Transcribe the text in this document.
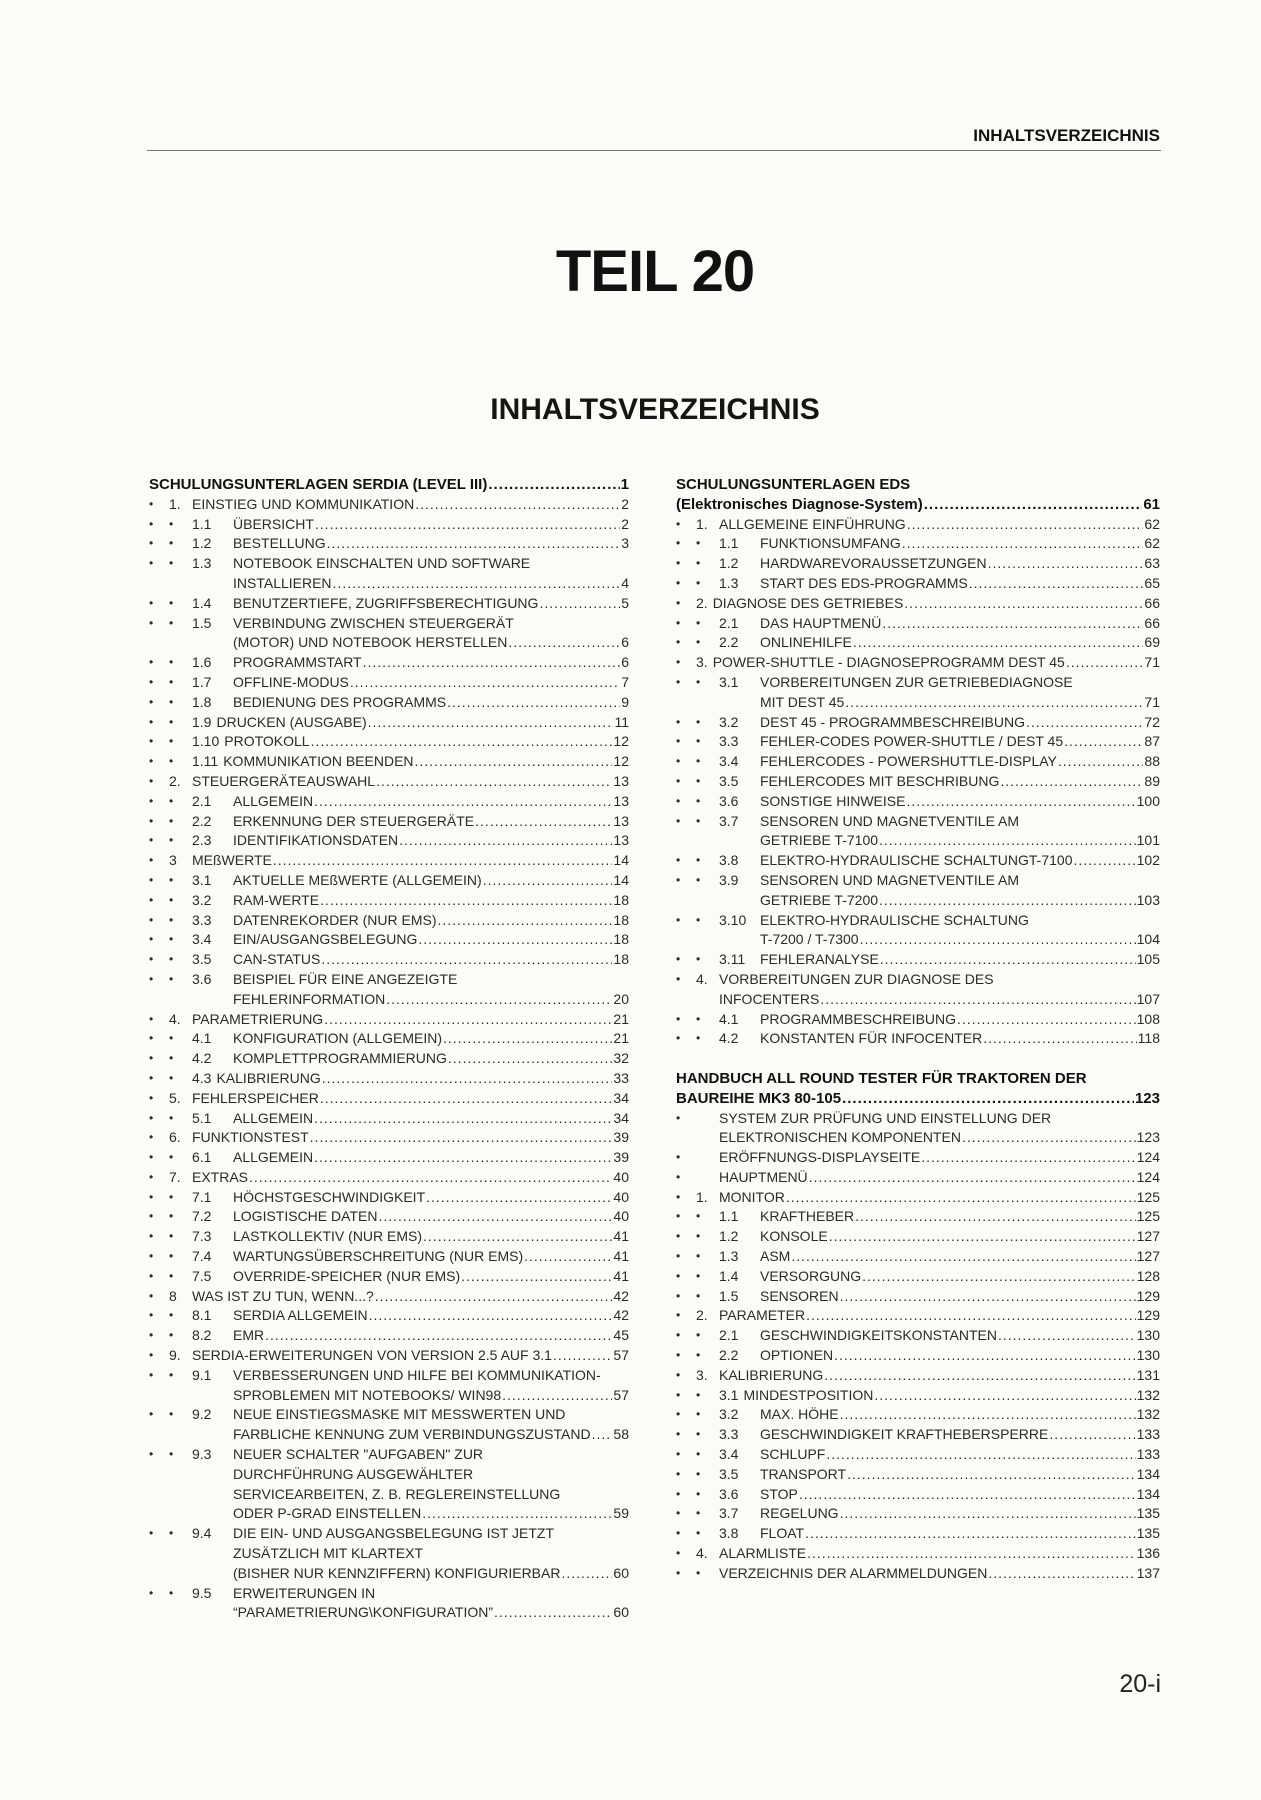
INHALTSVERZEICHNIS
TEIL 20
INHALTSVERZEICHNIS
SCHULUNGSUNTERLAGEN SERDIA (LEVEL III) .....	1
• 1. EINSTIEG UND KOMMUNIKATION .....	2
• • 1.1 ÜBERSICHT .....	2
• • 1.2 BESTELLUNG .....	3
• • 1.3 NOTEBOOK EINSCHALTEN UND SOFTWARE
INSTALLIEREN .....	4
• • 1.4 BENUTZERTIEFE, ZUGRIFFSBERECHTIGUNG .....	5
• • 1.5 VERBINDUNG ZWISCHEN STEUERGERÄT
(MOTOR) UND NOTEBOOK HERSTELLEN .....	6
• • 1.6 PROGRAMMSTART .....	6
• • 1.7 OFFLINE-MODUS .....	7
• • 1.8 BEDIENUNG DES PROGRAMMS .....	9
• • 1.9 DRUCKEN (AUSGABE) .....	11
• • 1.10 PROTOKOLL .....	12
• • 1.11 KOMMUNIKATION BEENDEN .....	12
• 2. STEUERGERÄTEAUSWAHL .....	13
• • 2.1 ALLGEMEIN .....	13
• • 2.2 ERKENNUNG DER STEUERGERÄTE .....	13
• • 2.3 IDENTIFIKATIONSDATEN .....	13
• 3 MEßWERTE .....	14
• • 3.1 AKTUELLE MEßWERTE (ALLGEMEIN) .....	14
• • 3.2 RAM-WERTE .....	18
• • 3.3 DATENREKORDER (NUR EMS) .....	18
• • 3.4 EIN/AUSGANGSBELEGUNG .....	18
• • 3.5 CAN-STATUS .....	18
• • 3.6 BEISPIEL FÜR EINE ANGEZEIGTE
FEHLERINFORMATION .....	20
• 4. PARAMETRIERUNG .....	21
• • 4.1 KONFIGURATION (ALLGEMEIN) .....	21
• • 4.2 KOMPLETTPROGRAMMIERUNG .....	32
• • 4.3 KALIBRIERUNG .....	33
• 5. FEHLERSPEICHER .....	34
• • 5.1 ALLGEMEIN .....	34
• 6. FUNKTIONSTEST .....	39
• • 6.1 ALLGEMEIN .....	39
• 7. EXTRAS .....	40
• • 7.1 HÖCHSTGESCHWINDIGKEIT .....	40
• • 7.2 LOGISTISCHE DATEN .....	40
• • 7.3 LASTKOLLEKTIV (NUR EMS) .....	41
• • 7.4 WARTUNGSÜBERSCHREITUNG (NUR EMS) .....	41
• • 7.5 OVERRIDE-SPEICHER (NUR EMS) .....	41
• 8 WAS IST ZU TUN, WENN...? .....	42
• • 8.1 SERDIA ALLGEMEIN .....	42
• • 8.2 EMR .....	45
• 9. SERDIA-ERWEITERUNGEN VON VERSION 2.5 AUF 3.1 .....	57
• • 9.1 VERBESSERUNGEN UND HILFE BEI KOMMUNIKATION-
SPROBLEMEN MIT NOTEBOOKS/ WIN98 .....	57
• • 9.2 NEUE EINSTIEGSMASKE MIT MESSWERTEN UND
FARBLICHE KENNUNG ZUM VERBINDUNGSZUSTAND ..... 58
• • 9.3 NEUER SCHALTER "AUFGABEN" ZUR
DURCHFÜHRUNG AUSGEWÄHLTER
SERVICEARBEITEN, Z. B. REGLEREINSTELLUNG
ODER P-GRAD EINSTELLEN .....	59
• • 9.4 DIE EIN- UND AUSGANGSBELEGUNG IST JETZT
ZUSÄTZLICH MIT KLARTEXT
(BISHER NUR KENNZIFFERN) KONFIGURIERBAR .....	60
• • 9.5 ERWEITERUNGEN IN
“PARAMETRIERUNG\KONFIGURATION” .....	60
SCHULUNGSUNTERLAGEN EDS
(Elektronisches Diagnose-System) .....	61
• 1. ALLGEMEINE EINFÜHRUNG .....	62
• • 1.1 FUNKTIONSUMFANG .....	62
• • 1.2 HARDWAREVORAUSSETZUNGEN .....	63
• • 1.3 START DES EDS-PROGRAMMS .....	65
• 2. DIAGNOSE DES GETRIEBES .....	66
• • 2.1 DAS HAUPTMENÜ .....	66
• • 2.2 ONLINEHILFE .....	69
• 3. POWER-SHUTTLE - DIAGNOSEPROGRAMM DEST 45 .....	71
• • 3.1 VORBEREITUNGEN ZUR GETRIEBEDIAGNOSE
MIT DEST 45 .....	71
• • 3.2 DEST 45 - PROGRAMMBESCHREIBUNG .....	72
• • 3.3 FEHLER-CODES POWER-SHUTTLE / DEST 45 .....	87
• • 3.4 FEHLERCODES - POWERSHUTTLE-DISPLAY .....	88
• • 3.5 FEHLERCODES MIT BESCHRIBUNG .....	89
• • 3.6 SONSTIGE HINWEISE .....	100
• • 3.7 SENSOREN UND MAGNETVENTILE AM
GETRIEBE T-7100 .....	101
• • 3.8 ELEKTRO-HYDRAULISCHE SCHALTUNGT-7100 .....	102
• • 3.9 SENSOREN UND MAGNETVENTILE AM
GETRIEBE T-7200 .....	103
• • 3.10 ELEKTRO-HYDRAULISCHE SCHALTUNG
T-7200 / T-7300 .....	104
• • 3.11 FEHLERANALYSE .....	105
• 4. VORBEREITUNGEN ZUR DIAGNOSE DES
INFOCENTERS .....	107
• • 4.1 PROGRAMMBESCHREIBUNG .....	108
• • 4.2 KONSTANTEN FÜR INFOCENTER .....	118
HANDBUCH ALL ROUND TESTER FÜR TRAKTOREN DER
BAUREIHE MK3 80-105 .....	123
•	SYSTEM ZUR PRÜFUNG UND EINSTELLUNG DER
ELEKTRONISCHEN KOMPONENTEN .....	123
•	ERÖFFNUNGS-DISPLAYSEITE .....	124
•	HAUPTMENÜ .....	124
• 1. MONITOR .....	125
• • 1.1 KRAFTHEBER .....	125
• • 1.2 KONSOLE .....	127
• • 1.3 ASM .....	127
• • 1.4 VERSORGUNG .....	128
• • 1.5 SENSOREN .....	129
• 2. PARAMETER .....	129
• • 2.1 GESCHWINDIGKEITSKONSTANTEN .....	130
• • 2.2 OPTIONEN .....	130
• 3. KALIBRIERUNG .....	131
• • 3.1 MINDESTPOSITION .....	132
• • 3.2 MAX. HÖHE .....	132
• • 3.3 GESCHWINDIGKEIT KRAFTHEBERSPERRE .....	133
• • 3.4 SCHLUPF .....	133
• • 3.5 TRANSPORT .....	134
• • 3.6 STOP .....	134
• • 3.7 REGELUNG .....	135
• • 3.8 FLOAT .....	135
• 4. ALARMLISTE .....	136
• • VERZEICHNIS DER ALARMMELDUNGEN .....	137
20-i
